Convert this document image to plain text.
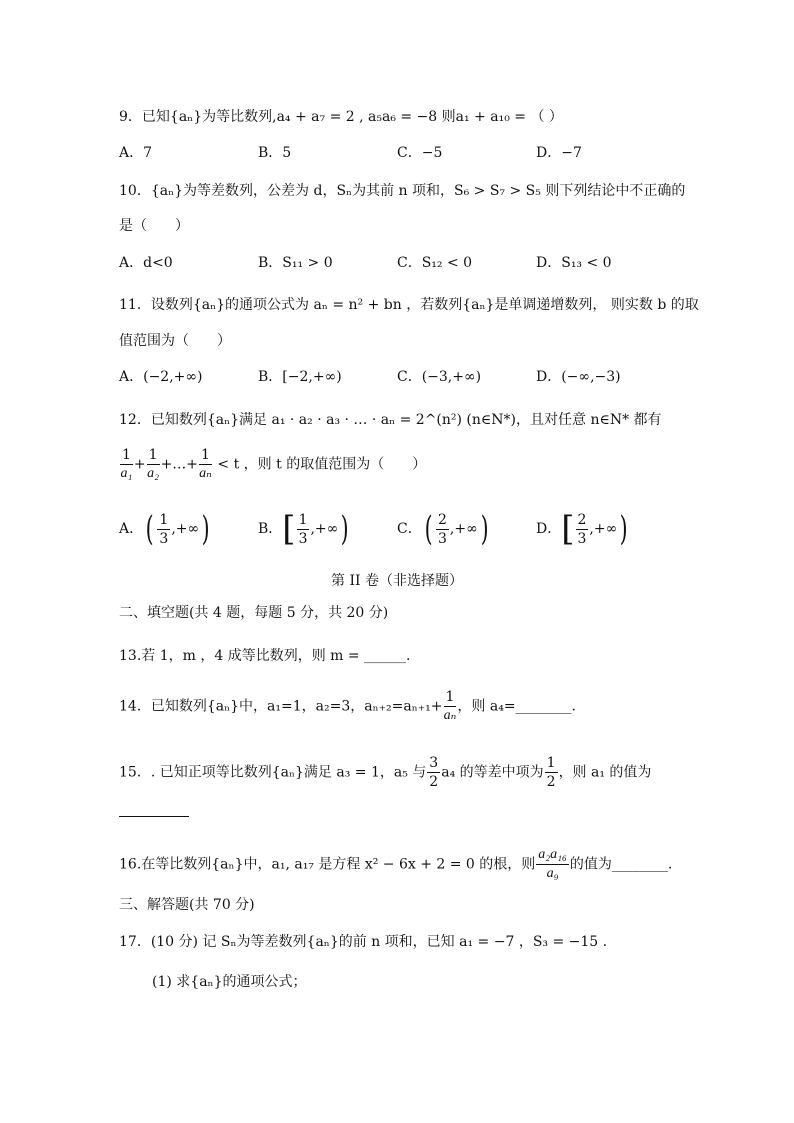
9．已知{aₙ}为等比数列,a₄ + a₇ = 2 , a₅a₆ = −8 则a₁ + a₁₀ = （ ）
A．7	B．5	C．−5	D．−7
10．{aₙ}为等差数列，公差为 d，Sₙ为其前 n 项和，S₆ > S₇ > S₅ 则下列结论中不正确的
是（　　）
A．d<0	B．S₁₁ > 0	C．S₁₂ < 0	D．S₁₃ < 0
11．设数列{aₙ}的通项公式为 aₙ = n² + bn ，若数列{aₙ}是单调递增数列， 则实数 b 的取
值范围为（　　）
A．(−2,+∞)	B．[−2,+∞)	C．(−3,+∞)	D．(−∞,−3)
12．已知数列{aₙ}满足 a₁ · a₂ · a₃ · … · aₙ = 2^(n²) (n∈N*)，且对任意 n∈N* 都有
$\frac{1}{\text{a₁}} + \frac{1}{\text{a₂}}$ +…+ $\frac{1}{\text{aₙ}} < t$ ，则 t 的取值范围为（　　）
A．( $\frac{1}{3}$ ,+∞)	B．[ $\frac{1}{3}$ ,+∞)	C．( $\frac{2}{3}$ ,+∞)	D．[ $\frac{2}{3}$ ,+∞)
第 II 卷（非选择题）
二、填空题(共 4 题，每题 5 分，共 20 分)
13.若 1，m ，4 成等比数列，则 m = ______.
14．已知数列{aₙ}中，a₁=1，a₂=3，$a_{n+2}=a_{n+1}+ \frac{1}{\text{aₙ}}$ ，则 a₄=________.
15．. 已知正项等比数列{aₙ}满足 a₃ = 1，a₅ 与 $\frac{3}{2} a_4$ 的等差中项为 $\frac{1}{2}$ ，则 a₁ 的值为
16.在等比数列{aₙ}中，a₁, a₁₇ 是方程 x² − 6x + 2 = 0 的根，则 $\frac{\text{a₂a₁₆}}{\text{a₉}}$ 的值为________.
三、解答题(共 70 分)
17．(10 分) 记 Sₙ为等差数列{aₙ}的前 n 项和，已知 a₁ = −7 ，S₃ = −15 .
(1) 求{aₙ}的通项公式；
